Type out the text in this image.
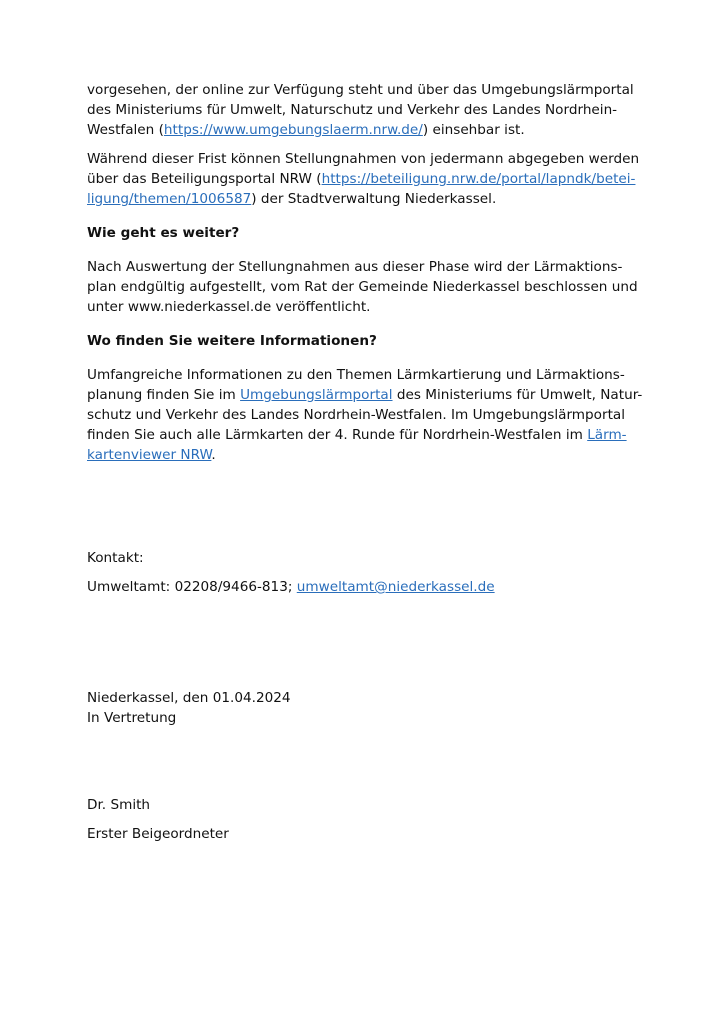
vorgesehen, der online zur Verfügung steht und über das Umgebungslärmportal
des Ministeriums für Umwelt, Naturschutz und Verkehr des Landes Nordrhein-
Westfalen (https://www.umgebungslaerm.nrw.de/) einsehbar ist.

Während dieser Frist können Stellungnahmen von jedermann abgegeben werden
über das Beteiligungsportal NRW (https://beteiligung.nrw.de/portal/lapndk/betei-
ligung/themen/1006587) der Stadtverwaltung Niederkassel.

Wie geht es weiter?

Nach Auswertung der Stellungnahmen aus dieser Phase wird der Lärmaktions-
plan endgültig aufgestellt, vom Rat der Gemeinde Niederkassel beschlossen und
unter www.niederkassel.de veröffentlicht.

Wo finden Sie weitere Informationen?

Umfangreiche Informationen zu den Themen Lärmkartierung und Lärmaktions-
planung finden Sie im Umgebungslärmportal des Ministeriums für Umwelt, Natur-
schutz und Verkehr des Landes Nordrhein-Westfalen. Im Umgebungslärmportal
finden Sie auch alle Lärmkarten der 4. Runde für Nordrhein-Westfalen im Lärm-
kartenviewer NRW.

Kontakt:

Umweltamt: 02208/9466-813; umweltamt@niederkassel.de

Niederkassel, den 01.04.2024

In Vertretung

Dr. Smith

Erster Beigeordneter
